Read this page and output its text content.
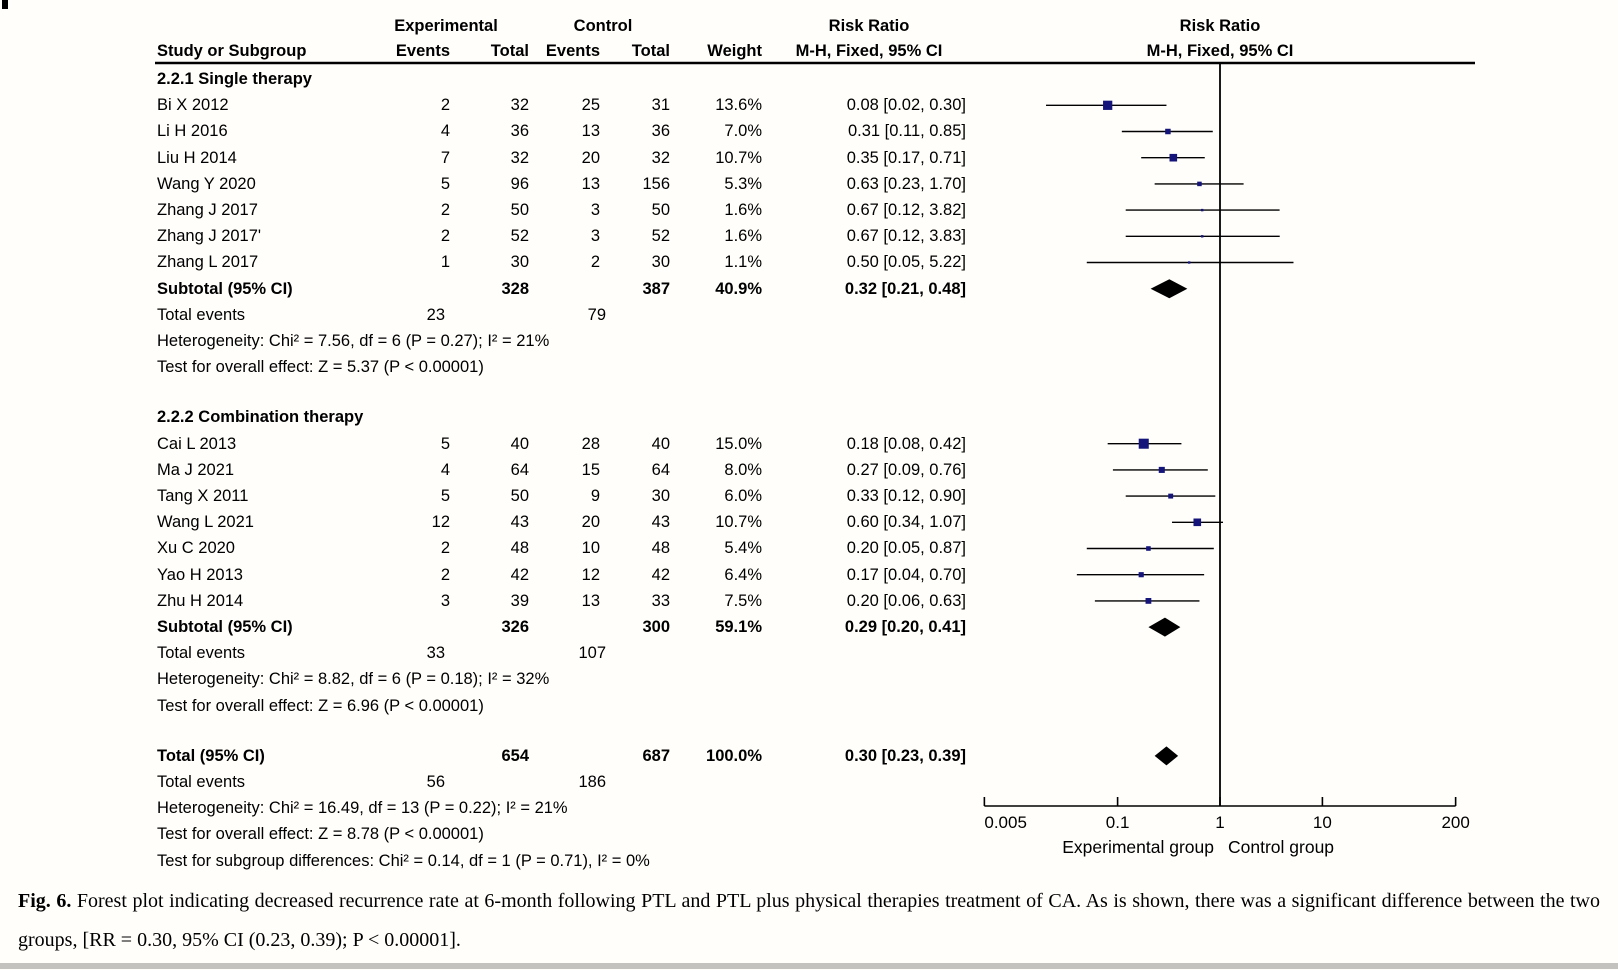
Experimental	Control	Risk Ratio	Risk Ratio
Study or Subgroup	Events Total Events Total Weight	M-H, Fixed, 95% CI	M-H, Fixed, 95% CI
2.2.1 Single therapy
Bi X 2012	2	32	25	31	13.6%	0.08 [0.02, 0.30]
Li H 2016	4	36	13	36	7.0%	0.31 [0.11, 0.85]
Liu H 2014	7	32	20	32	10.7%	0.35 [0.17, 0.71]
Wang Y 2020	5	96	13	156	5.3%	0.63 [0.23, 1.70]
Zhang J 2017	2	50	3	50	1.6%	0.67 [0.12, 3.82]
Zhang J 2017'	2	52	3	52	1.6%	0.67 [0.12, 3.83]
Zhang L 2017	1	30	2	30	1.1%	0.50 [0.05, 5.22]
Subtotal (95% CI)	328	387	40.9%	0.32 [0.21, 0.48]
Total events	23	79
Heterogeneity: Chi² = 7.56, df = 6 (P = 0.27); I² = 21%
Test for overall effect: Z = 5.37 (P < 0.00001)
2.2.2 Combination therapy
Cai L 2013	5	40	28	40	15.0%	0.18 [0.08, 0.42]
Ma J 2021	4	64	15	64	8.0%	0.27 [0.09, 0.76]
Tang X 2011	5	50	9	30	6.0%	0.33 [0.12, 0.90]
Wang L 2021	12	43	20	43	10.7%	0.60 [0.34, 1.07]
Xu C 2020	2	48	10	48	5.4%	0.20 [0.05, 0.87]
Yao H 2013	2	42	12	42	6.4%	0.17 [0.04, 0.70]
Zhu H 2014	3	39	13	33	7.5%	0.20 [0.06, 0.63]
Subtotal (95% CI)	326	300	59.1%	0.29 [0.20, 0.41]
Total events	33	107
Heterogeneity: Chi² = 8.82, df = 6 (P = 0.18); I² = 32%
Test for overall effect: Z = 6.96 (P < 0.00001)
Total (95% CI)	654	687 100.0%	0.30 [0.23, 0.39]
Total events	56	186
Heterogeneity: Chi² = 16.49, df = 13 (P = 0.22); I² = 21%
Test for overall effect: Z = 8.78 (P < 0.00001)
Test for subgroup differences: Chi² = 0.14, df = 1 (P = 0.71), I² = 0%
0.005	0.1	1	10	200
Experimental group Control group
Fig. 6. Forest plot indicating decreased recurrence rate at 6-month following PTL and PTL plus physical therapies treatment of CA. As is shown, there was a significant difference between the two groups, [RR = 0.30, 95% CI (0.23, 0.39); P < 0.00001].
